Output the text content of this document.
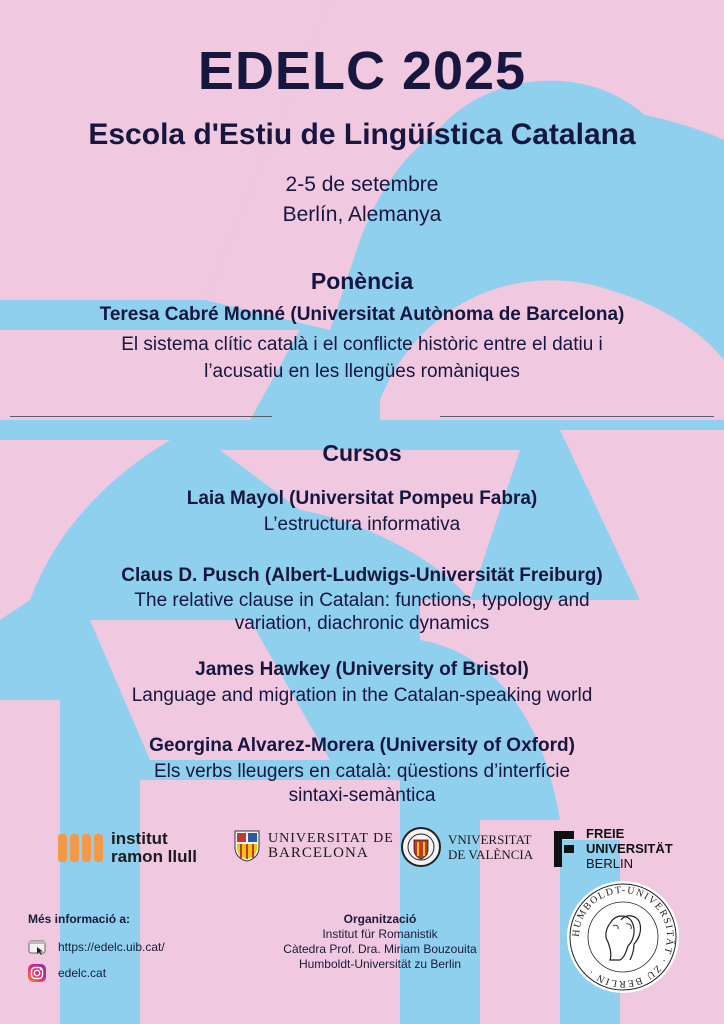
EDELC 2025
Escola d'Estiu de Lingüística Catalana
2-5 de setembre
Berlín, Alemanya
Ponència
Teresa Cabré Monné (Universitat Autònoma de Barcelona)
El sistema clític català i el conflicte històric entre el datiu i
l’acusatiu en les llengües romàniques
Cursos
Laia Mayol (Universitat Pompeu Fabra)
L’estructura informativa
Claus D. Pusch (Albert-Ludwigs-Universität Freiburg)
The relative clause in Catalan: functions, typology and
variation, diachronic dynamics
James Hawkey (University of Bristol)
Language and migration in the Catalan-speaking world
Georgina Alvarez-Morera (University of Oxford)
Els verbs lleugers en català: qüestions d’interfície
sintaxi-semàntica
institut
ramon llull
UNIVERSITAT DE
BARCELONA
VNIVERSITAT
DE VALÈNCIA
FREIE
UNIVERSITÄT
BERLIN
Més informació a:
https://edelc.uib.cat/
edelc.cat
Organització
Institut für Romanistik
Càtedra Prof. Dra. Miriam Bouzouita
Humboldt-Universität zu Berlin
HUMBOLDT-UNIVERSITÄT · ZU BERLIN ·
